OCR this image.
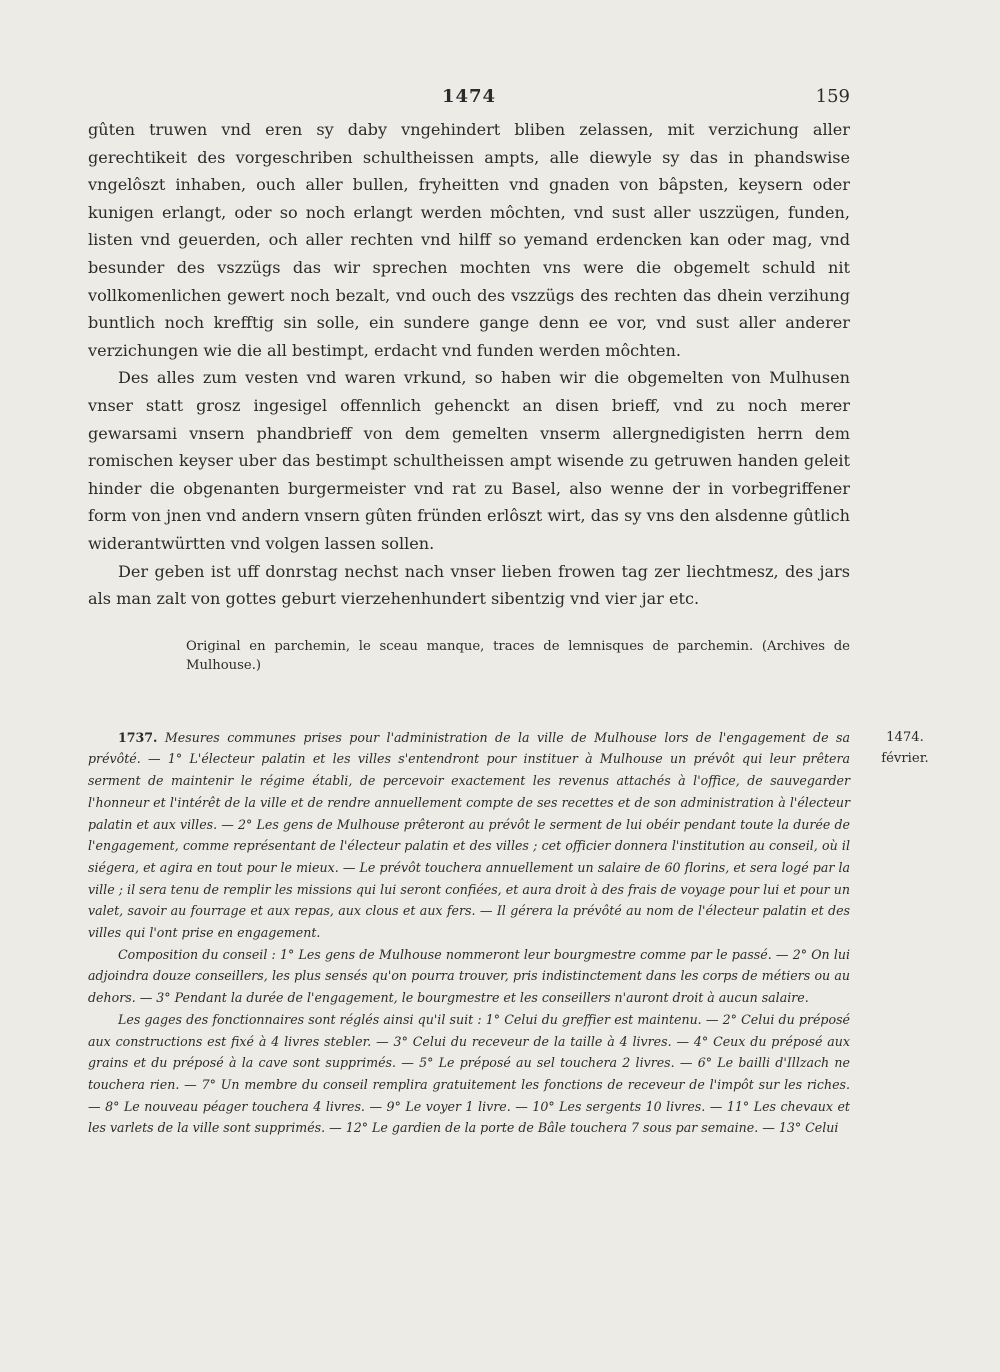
1474	159

gûten truwen vnd eren sy daby vngehindert bliben zelassen, mit verzichung aller gerechtikeit des vorgeschriben schultheissen ampts, alle diewyle sy das in phandswise vngelôszt inhaben, ouch aller bullen, fryheitten vnd gnaden von bâpsten, keysern oder kunigen erlangt, oder so noch erlangt werden môchten, vnd sust aller uszzügen, funden, listen vnd geuerden, och aller rechten vnd hilff so yemand erdencken kan oder mag, vnd besunder des vszzügs das wir sprechen mochten vns were die obgemelt schuld nit vollkomenlichen gewert noch bezalt, vnd ouch des vszzügs des rechten das dhein verzihung buntlich noch krefftig sin solle, ein sundere gange denn ee vor, vnd sust aller anderer verzichungen wie die all bestimpt, erdacht vnd funden werden môchten.

Des alles zum vesten vnd waren vrkund, so haben wir die obgemelten von Mulhusen vnser statt grosz ingesigel offennlich gehenckt an disen brieff, vnd zu noch merer gewarsami vnsern phandbrieff von dem gemelten vnserm allergnedigisten herrn dem romischen keyser uber das bestimpt schultheissen ampt wisende zu getruwen handen geleit hinder die obgenanten burgermeister vnd rat zu Basel, also wenne der in vorbegriffener form von jnen vnd andern vnsern gûten fründen erlôszt wirt, das sy vns den alsdenne gûtlich widerantwürtten vnd volgen lassen sollen.

Der geben ist uff donrstag nechst nach vnser lieben frowen tag zer liechtmesz, des jars als man zalt von gottes geburt vierzehenhundert sibentzig vnd vier jar etc.

Original en parchemin, le sceau manque, traces de lemnisques de parchemin. (Archives de Mulhouse.)
1474.
février.

1737. Mesures communes prises pour l'administration de la ville de Mulhouse lors de l'engagement de sa prévôté. — 1° L'électeur palatin et les villes s'entendront pour instituer à Mulhouse un prévôt qui leur prêtera serment de maintenir le régime établi, de percevoir exactement les revenus attachés à l'office, de sauvegarder l'honneur et l'intérêt de la ville et de rendre annuellement compte de ses recettes et de son administration à l'électeur palatin et aux villes. — 2° Les gens de Mulhouse prêteront au prévôt le serment de lui obéir pendant toute la durée de l'engagement, comme représentant de l'électeur palatin et des villes ; cet officier donnera l'institution au conseil, où il siégera, et agira en tout pour le mieux. — Le prévôt touchera annuellement un salaire de 60 florins, et sera logé par la ville ; il sera tenu de remplir les missions qui lui seront confiées, et aura droit à des frais de voyage pour lui et pour un valet, savoir au fourrage et aux repas, aux clous et aux fers. — Il gérera la prévôté au nom de l'électeur palatin et des villes qui l'ont prise en engagement.

Composition du conseil : 1° Les gens de Mulhouse nommeront leur bourgmestre comme par le passé. — 2° On lui adjoindra douze conseillers, les plus sensés qu'on pourra trouver, pris indistinctement dans les corps de métiers ou au dehors. — 3° Pendant la durée de l'engagement, le bourgmestre et les conseillers n'auront droit à aucun salaire.

Les gages des fonctionnaires sont réglés ainsi qu'il suit : 1° Celui du greffier est maintenu. — 2° Celui du préposé aux constructions est fixé à 4 livres stebler. — 3° Celui du receveur de la taille à 4 livres. — 4° Ceux du préposé aux grains et du préposé à la cave sont supprimés. — 5° Le préposé au sel touchera 2 livres. — 6° Le bailli d'Illzach ne touchera rien. — 7° Un membre du conseil remplira gratuitement les fonctions de receveur de l'impôt sur les riches. — 8° Le nouveau péager touchera 4 livres. — 9° Le voyer 1 livre. — 10° Les sergents 10 livres. — 11° Les chevaux et les varlets de la ville sont supprimés. — 12° Le gardien de la porte de Bâle touchera 7 sous par semaine. — 13° Celui
